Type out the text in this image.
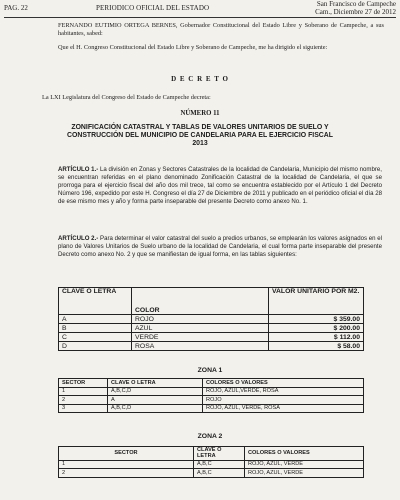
PAG. 22	PERIODICO OFICIAL DEL ESTADO	San Francisco de Campeche
Cam., Diciembre 27 de 2012
FERNANDO EUTIMIO ORTEGA BERNES, Gobernador Constitucional del Estado Libre y Soberano de Campeche, a sus habitantes, sabed:
Que el H. Congreso Constitucional del Estado Libre y Soberano de Campeche, me ha dirigido el siguiente:
D E C R E T O
La LXI Legislatura del Congreso del Estado de Campeche decreta:
NÚMERO 11
ZONIFICACIÓN CATASTRAL Y TABLAS DE VALORES UNITARIOS DE SUELO Y CONSTRUCCIÓN DEL MUNICIPIO DE CANDELARIA PARA EL EJERCICIO FISCAL 2013
ARTÍCULO 1.- La división en Zonas y Sectores Catastrales de la localidad de Candelaria, Municipio del mismo nombre, se encuentran referidas en el plano denominado Zonificación Catastral de la localidad de Candelaria, el que se prorroga para el ejercicio fiscal del año dos mil trece, tal como se encuentra establecido por el Artículo 1 del Decreto Número 196, expedido por este H. Congreso el día 27 de Diciembre de 2011 y publicado en el periódico oficial el día 28 de ese mismo mes y año y forma parte inseparable del presente Decreto como anexo No. 1.
ARTÍCULO 2.- Para determinar el valor catastral del suelo a predios urbanos, se emplearán los valores asignados en el plano de Valores Unitarios de Suelo urbano de la localidad de Candelaria, el cual forma parte inseparable del presente Decreto como anexo No. 2 y que se manifiestan de igual forma, en las tablas siguientes:
CLAVE O LETRA	COLOR	VALOR UNITARIO POR M2.
A	ROJO	$ 359.00
B	AZUL	$ 200.00
C	VERDE	$ 112.00
D	ROSA	$ 58.00
ZONA 1
SECTOR	CLAVE O LETRA	COLORES O VALORES
1	A,B,C,D	ROJO, AZUL,VERDE, ROSA
2	A	ROJO
3	A,B,C,D	ROJO, AZUL, VERDE, ROSA
ZONA 2
SECTOR	CLAVE O LETRA	COLORES O VALORES
1	A,B,C	ROJO, AZUL, VERDE
2	A,B,C	ROJO, AZUL, VERDE
